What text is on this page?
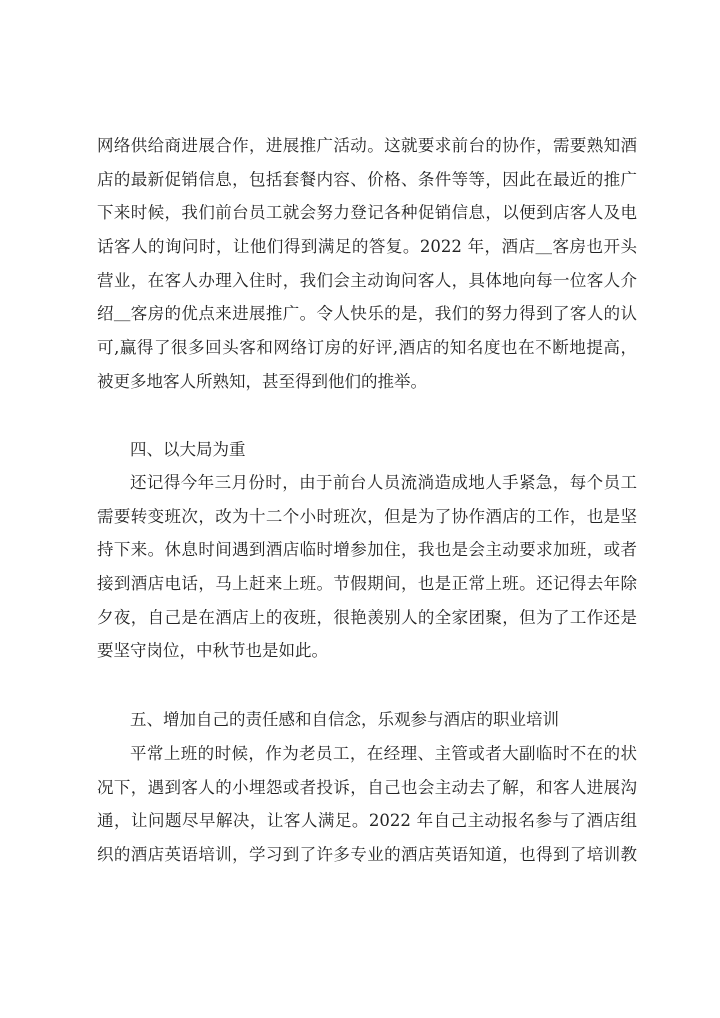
网络供给商进展合作，进展推广活动。这就要求前台的协作，需要熟知酒
店的最新促销信息，包括套餐内容、价格、条件等等，因此在最近的推广
下来时候，我们前台员工就会努力登记各种促销信息，以便到店客人及电
话客人的询问时，让他们得到满足的答复。2022 年，酒店＿客房也开头
营业，在客人办理入住时，我们会主动询问客人，具体地向每一位客人介
绍＿客房的优点来进展推广。令人快乐的是，我们的努力得到了客人的认
可,赢得了很多回头客和网络订房的好评,酒店的知名度也在不断地提高，
被更多地客人所熟知，甚至得到他们的推举。
四、以大局为重
还记得今年三月份时，由于前台人员流淌造成地人手紧急，每个员工
需要转变班次，改为十二个小时班次，但是为了协作酒店的工作，也是坚
持下来。休息时间遇到酒店临时增参加住，我也是会主动要求加班，或者
接到酒店电话，马上赶来上班。节假期间，也是正常上班。还记得去年除
夕夜，自己是在酒店上的夜班，很艳羡别人的全家团聚，但为了工作还是
要坚守岗位，中秋节也是如此。
五、增加自己的责任感和自信念，乐观参与酒店的职业培训
平常上班的时候，作为老员工，在经理、主管或者大副临时不在的状
况下，遇到客人的小埋怨或者投诉，自己也会主动去了解，和客人进展沟
通，让问题尽早解决，让客人满足。2022 年自己主动报名参与了酒店组
织的酒店英语培训，学习到了许多专业的酒店英语知道，也得到了培训教
